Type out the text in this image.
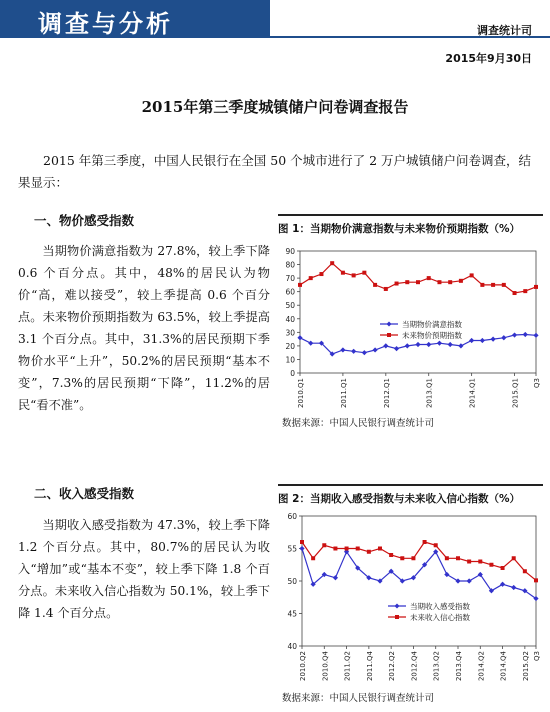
调查与分析	调查统计司
2015年9月30日
2015年第三季度城镇储户问卷调查报告
2015 年第三季度，中国人民银行在全国 50 个城市进行了 2 万户城镇储户问卷调查，结果显示：
一、物价感受指数
当期物价满意指数为 27.8%，较上季下降 0.6 个百分点。其中，48%的居民认为物价“高，难以接受”，较上季提高 0.6 个百分点。未来物价预期指数为 63.5%，较上季提高 3.1 个百分点。其中，31.3%的居民预期下季物价水平“上升”，50.2%的居民预期“基本不变”，7.3%的居民预期“下降”，11.2%的居民“看不准”。
二、收入感受指数
当期收入感受指数为 47.3%，较上季下降 1.2 个百分点。其中，80.7%的居民认为收入“增加”或“基本不变”，较上季下降 1.8 个百分点。未来收入信心指数为 50.1%，较上季下降 1.4 个百分点。
图 1：当期物价满意指数与未来物价预期指数（%）
0
10
20
30
40
50
60
70
80
90
2010.Q1	2011.Q1	2012.Q1	2013.Q1	2014.Q1	2015.Q1 Q3
当期物价满意指数
未来物价预期指数
数据来源：中国人民银行调查统计司
图 2：当期收入感受指数与未来收入信心指数（%）
40
45
50
55
60
2010.Q2 2010.Q4 2011.Q2 2011.Q4 2012.Q2 2012.Q4 2013.Q2 2013.Q4 2014.Q2 2014.Q4 2015.Q2 Q3
当期收入感受指数
未来收入信心指数
数据来源：中国人民银行调查统计司
